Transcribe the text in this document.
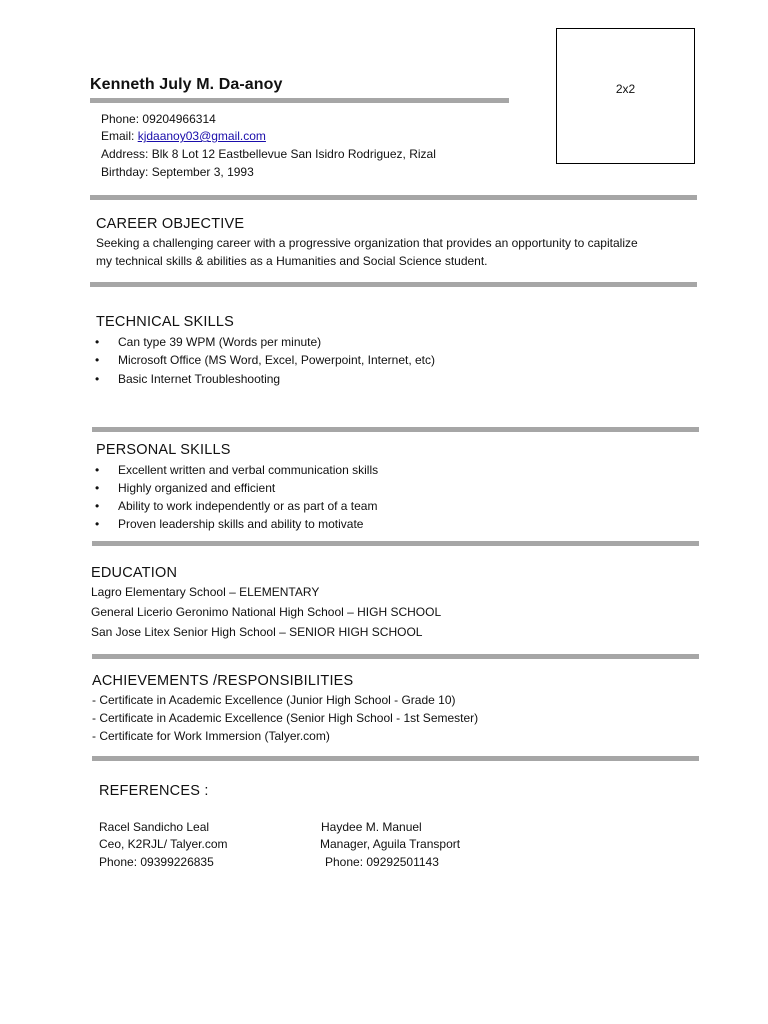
Kenneth July M. Da-anoy	2x2
Phone: 09204966314
Email: kjdaanoy03@gmail.com
Address: Blk 8 Lot 12 Eastbellevue San Isidro Rodriguez, Rizal
Birthday: September 3, 1993
CAREER OBJECTIVE
Seeking a challenging career with a progressive organization that provides an opportunity to capitalize
my technical skills & abilities as a Humanities and Social Science student.
TECHNICAL SKILLS
• Can type 39 WPM (Words per minute)
• Microsoft Office (MS Word, Excel, Powerpoint, Internet, etc)
• Basic Internet Troubleshooting
PERSONAL SKILLS
• Excellent written and verbal communication skills
• Highly organized and efficient
• Ability to work independently or as part of a team
• Proven leadership skills and ability to motivate
EDUCATION
Lagro Elementary School – ELEMENTARY
General Licerio Geronimo National High School – HIGH SCHOOL
San Jose Litex Senior High School – SENIOR HIGH SCHOOL
ACHIEVEMENTS /RESPONSIBILITIES
- Certificate in Academic Excellence (Junior High School - Grade 10)
- Certificate in Academic Excellence (Senior High School - 1st Semester)
- Certificate for Work Immersion (Talyer.com)
REFERENCES :
Racel Sandicho Leal
Ceo, K2RJL/ Talyer.com
Phone: 09399226835
Haydee M. Manuel
Manager, Aguila Transport
Phone: 09292501143
